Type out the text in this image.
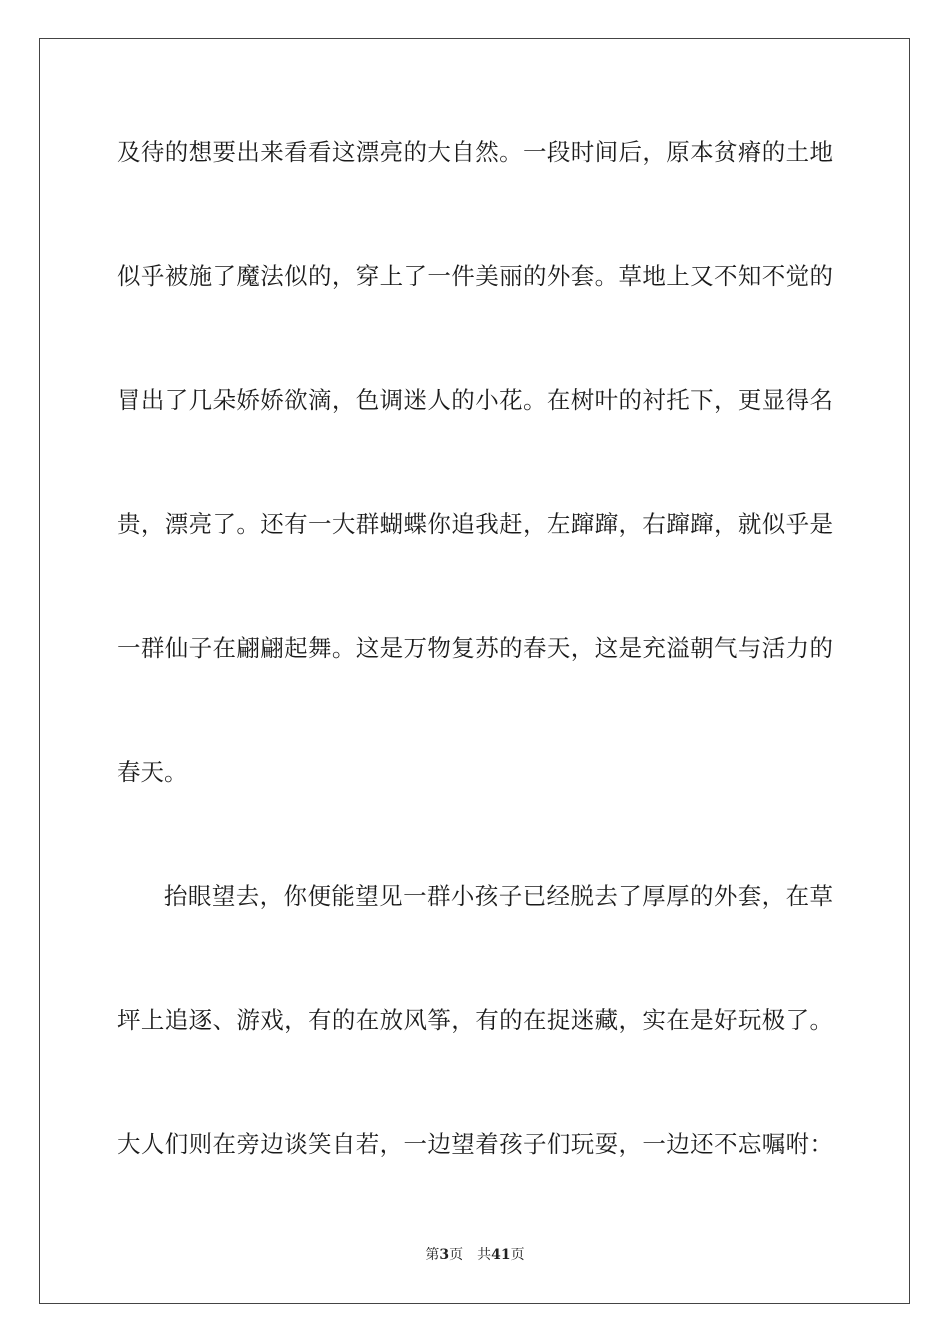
及待的想要出来看看这漂亮的大自然。一段时间后，原本贫瘠的土地
似乎被施了魔法似的，穿上了一件美丽的外套。草地上又不知不觉的
冒出了几朵娇娇欲滴，色调迷人的小花。在树叶的衬托下，更显得名
贵，漂亮了。还有一大群蝴蝶你追我赶，左蹿蹿，右蹿蹿，就似乎是
一群仙子在翩翩起舞。这是万物复苏的春天，这是充溢朝气与活力的
春天。
抬眼望去，你便能望见一群小孩子已经脱去了厚厚的外套，在草
坪上追逐、游戏，有的在放风筝，有的在捉迷藏，实在是好玩极了。
大人们则在旁边谈笑自若，一边望着孩子们玩耍，一边还不忘嘱咐：
第3页 共41页
